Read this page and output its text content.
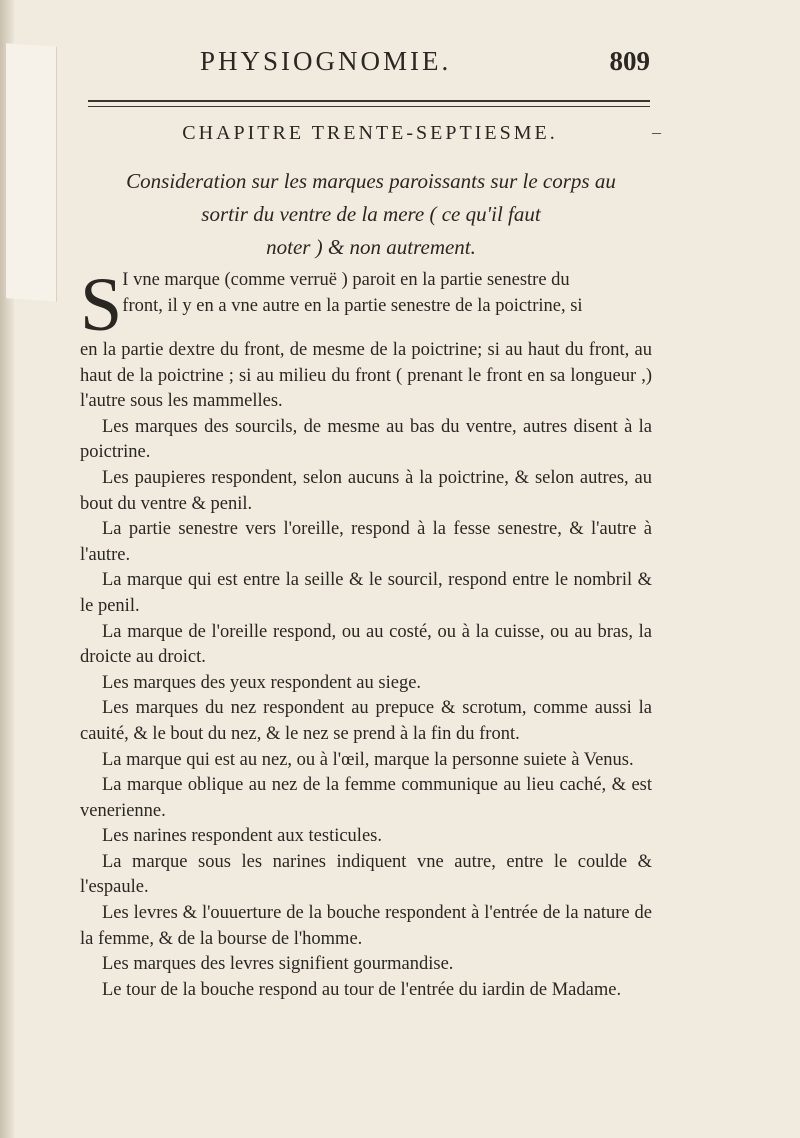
PHYSIOGNOMIE.	809
CHAPITRE TRENTE-SEPTIESME.	–
Consideration sur les marques paroissants sur le corps au
sortir du ventre de la mere ( ce qu'il faut
noter ) & non autrement.
S I vne marque (comme verruë ) paroit en la partie senestre du
front, il y en a vne autre en la partie senestre de la poictrine, si

en la partie dextre du front, de mesme de la poictrine; si au haut du front, au haut de la poictrine ; si au milieu du front ( prenant le front en sa longueur ,) l'autre sous les mammelles.

Les marques des sourcils, de mesme au bas du ventre, autres disent à la poictrine.

Les paupieres respondent, selon aucuns à la poictrine, & selon autres, au bout du ventre & penil.

La partie senestre vers l'oreille, respond à la fesse senestre, & l'autre à l'autre.

La marque qui est entre la seille & le sourcil, respond entre le nombril & le penil.

La marque de l'oreille respond, ou au costé, ou à la cuisse, ou au bras, la droicte au droict.

Les marques des yeux respondent au siege.

Les marques du nez respondent au prepuce & scrotum, comme aussi la cauité, & le bout du nez, & le nez se prend à la fin du front.

La marque qui est au nez, ou à l'œil, marque la personne suiete à Venus.

La marque oblique au nez de la femme communique au lieu caché, & est venerienne.

Les narines respondent aux testicules.

La marque sous les narines indiquent vne autre, entre le coulde & l'espaule.

Les levres & l'ouuerture de la bouche respondent à l'entrée de la nature de la femme, & de la bourse de l'homme.

Les marques des levres signifient gourmandise.

Le tour de la bouche respond au tour de l'entrée du iardin de Madame.
